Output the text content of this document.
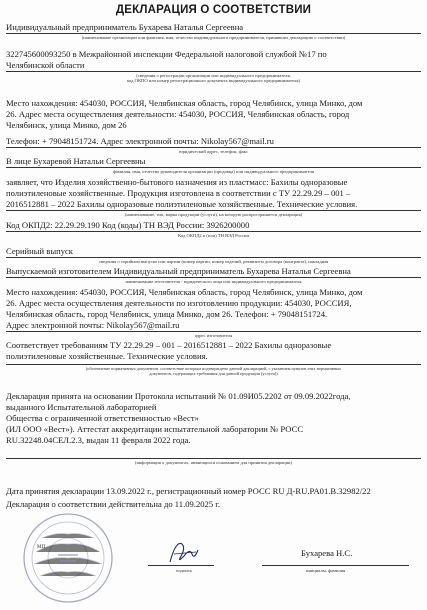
ДЕКЛАРАЦИЯ О СООТВЕТСТВИИ
Индивидуальный предприниматель Бухарева Наталья Сергеевна
(наименование организации или фамилия, имя, отчество индивидуального предпринимателя, принявших декларацию о соответствии)
322745600093250 в Межрайонной инспекции Федеральной налоговой службой №17 по
Челябинской области
(сведения о регистрации организации или индивидуального предпринимателя,
код ОКПО или номер регистрационного документа индивидуального предпринимателя)
Место нахождения: 454030, РОССИЯ, Челябинская область, город Челябинск, улица Минко, дом
26. Адрес места осуществления деятельности: 454030, РОССИЯ, Челябинская область, город
Челябинск, улица Минко, дом 26
Телефон: + 79048151724. Адрес электронной почты: Nikolay567@mail.ru
юридический адрес, телефон, факс
В лице Бухаревой Натальи Сергеевны
фамилия, имя, отчество руководителя организации (продавца) или индивидуального предпринимателя
заявляет, что Изделия хозяйственно-бытового назначения из пластмасс: Бахилы одноразовые
полиэтиленовые хозяйственные. Продукция изготовлена в соответствии с ТУ 22.29.29 – 001 –
2016512881 – 2022 Бахилы одноразовые полиэтиленовые хозяйственные. Технические условия.
(наименование, тип, марка продукции (услуги), на которую распространяется декларация)
Код ОКПД2: 22.29.29.190 Код (коды) ТН ВЭД России: 3926200000
Код ОКПД2 и (или) ТН ВЭД России
Серийный выпуск
сведения о серийном выпуске или партии (номер партии, номер изделий, реквизиты договора (контракта), накладная
Выпускаемой изготовителем Индивидуальный предприниматель Бухарева Наталья Сергеевна
наименование изготовителя - юридического лица или индивидуального предпринимателя
Место нахождения: 454030, РОССИЯ, Челябинская область, город Челябинск, улица Минко, дом
26. Адрес места осуществления деятельности по изготовлению продукции: 454030, РОССИЯ,
Челябинская область, город Челябинск, улица Минко, дом 26. Телефон: + 79048151724.
Адрес электронной почты: Nikolay567@mail.ru
адрес изготовителя
Соответствует требованиям ТУ 22.29.29 – 001 – 2016512881 – 2022 Бахилы одноразовые
полиэтиленовые хозяйственные. Технические условия.
(обозначение нормативных документов, соответствие которым подтверждено данной декларацией, с указанием пунктов этих нормативных
документов, содержащих требования для данной продукции (услуги))
Декларация принята на основании Протокола испытаний № 01.09И05.2202 от 09.09.2022года,
выданного Испытательной лабораторией
Общества с ограниченной ответственностью «Вест»
(ИЛ ООО «Вест»). Аттестат аккредитации испытательной лаборатории № РОСС
RU.32248.04СЕЛ.2.3, выдан 11 февраля 2022 года.
(информация о документах, являющихся основанием для принятия декларации)
Дата принятия декларации 13.09.2022 г., регистрационный номер РОСС RU Д-RU.PA01.B.32982/22
Декларация о соответствии действительна до 11.09.2025 г.
МП
подпись
Бухарева Н.С.
инициалы, фамилия
